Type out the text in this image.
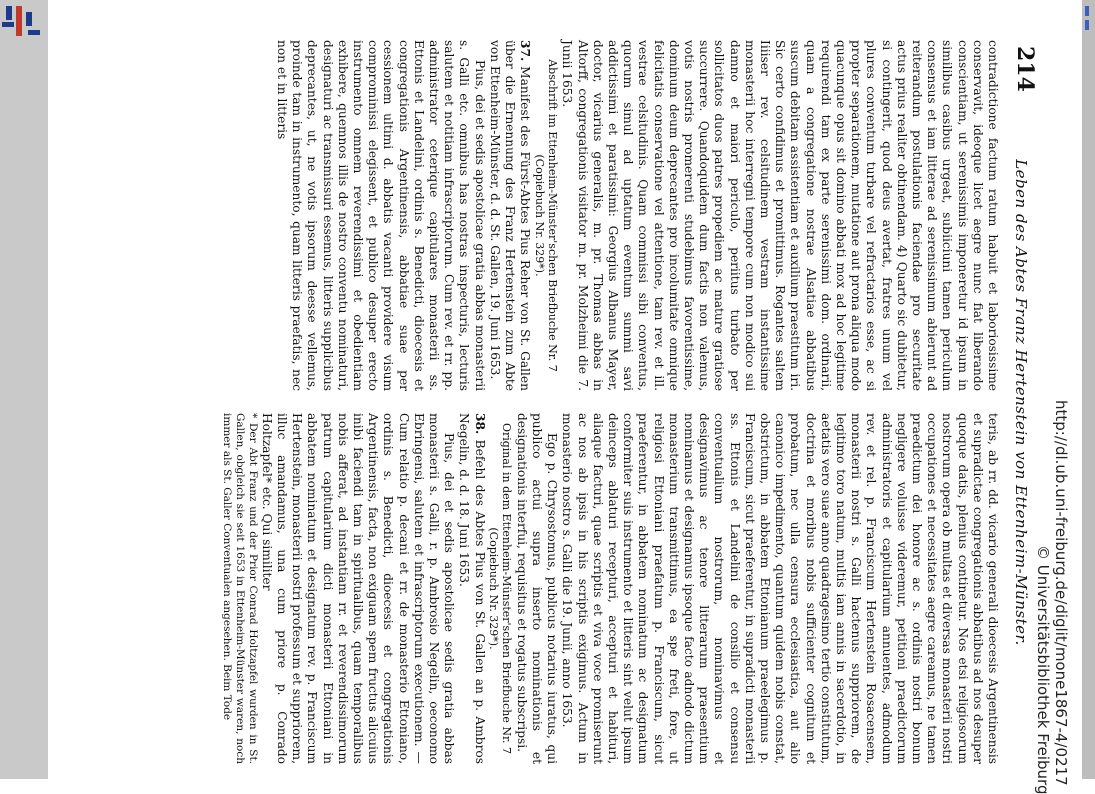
http://dl.ub.uni-freiburg.de/diglit/mone1867-4/0217
© Universitätsbibliothek Freiburg
214
Leben des Abtes Franz Hertenstein von Ettenheim-Münster.

contradictione factum ratum habuit et laboriosissime conservavit, ideoque licet aegre nunc fiat liberando conscientiam, ut serenissimis imponeretur id ipsum in similibus casibus urgeat, subiiciuni tamen periculum consensus et iam litterae ad serenissimum abierunt ad reiterandum postulationis faciendae pro securitate actus prius realiter obtinendam. 4) Quarto sic dubitetur, si contingerit, quod deus avertat, fratres unum vel plures conventum turbare vel refractarios esse, ac si propter separationem, mutatione aut prona aliqua modo quacunque opus sit domino abbati mox ad hoc legitime requirendi tam ex parte serenissimi dom. ordinarii, quam a congregatione nostrae Alsatiae abbatibus suscum debitam assistentiam et auxilium praestitum iri. Sic certo confidimus et promittimus. Rogantes saltem Iiiiser rev. celsitudinem vestram instantissime monasterii hoc interregni tempore cum non modico sui damno et maiori periculo, periitus turbato per sollicitatos duos patres propediem ac mature gratiose succurrere. Quandoquidem dum factis non valemus, votis nostris promerenti studebimus favorentissime, dominum deum deprecantes pro incolumitate omnique felicitatis conservatione vel attentione, tam rev. et ill. vestrae celsitudinis. Quam commissi sibi conventus, quorum simul ad uptatum eventum summi savi addictissimi et paratissimi: Georgius Albanus Mayer, doctor, vicarius generalis, m. pr. Thomas abbas in Altorff, congregationis visitator m. pr. Molzheimi die 7. Junii 1653.

Abschrift im Ettenheim-Münster'schen Briefbuche Nr. 7 (Copiebuch Nr. 329*).

37. Manifest des Fürst-Abtes Pius Reher von St. Gallen über die Ernennung des Franz Hertenstein zum Abte von Ettenheim-Münster, d. d. St. Gallen, 19. Juni 1653.

Pius, dei et sedis apostolicae gratia abbas monasterii s. Galli etc. omnibus has nostras inspecturis, lecturis salutem et notitiam infrascriptorum. Cum rev. et rr. pp. administrator ceterique capitulares monasterii ss. Ettonis et Landelini, ordinis s. Benedicti, dioecesis et congregationis Argentinensis, abbatiae suae per cessionem ultimi d. abbatis vacanti providere visum comprominissi elegissent, et publico desuper erecto instrumento omnem reverendissimi et obedientiam exhibere, quemnos illis de nostro conventu nominaturi, designaturi ac transmissuri essemus, litteris supplicibus deprecantes, ut, ne votis ipsorum deesse vellemus, proinde tam in instrumento, quam litteris praefatis, nec non et in litteris

teris, ab rr. dd. vicario generali dioecesis Argentinensis et supradictae congregationis abbatibus ad nos desuper quoque datis, plenius continetur. Nos etsi religiosorum nostrorum opera ob multas et diversas monasterii nostri occupationes et necessitates aegre careamus, ne tamen praedictum dei honore ac s. ordinis nostri bonum negligere voluisse videremur, petitioni praedictorum administratoris et capitularium annuentes, admodum rev. et rel. p. Franciscum Hertenstein Rosacensem, monasterii nostri s. Galli hactenus suppriorem, de legitimo toro natum, multis iam annis in sacerdotio, in aetatis vero suae anno quadragesimo tertio constitutum, doctrina et moribus nobis sufficienter cognitum et probatum, nec ulla censura ecclesiastica, aut alio canonico impedimento, quantum quidem nobis constat, obstrictum, in abbatem Ettonianum praeelegimus p. Franciscum, sicut praeferentur, in supradicti monasterii ss. Ettonis et Landelini de consilio et consensu conventualium nostrorum, nominavimus et designavimus ac tenore litterarum praesentium nominamus et designamus ipsoque facto adnodo dictum monasterium transmittimus, ea spe freti, fore, ut religiosi Ettoniani praefatum p. Franciscum, sicut praeferentur, in abbatem nominatum ac designatum conformiter suis instrumento et litteris sint velut ipsum deinceps ablaturi recepturi, accepturi et habituri, aliaque facturi, quae scriptis et viva voce promiserunt ac nos ab ipsis in his scriptis exigimus. Actum in monasterio nostro s. Galli die 19. Junii, anno 1653.

Ego p. Chrysostomus, publicus notarius iuratus, qui publico actui supra inserto nominationis et designationis interfui, requisitus et rogatus subscripsi.

Original in dem Ettenheim-Münster'schen Briefbuche Nr. 7 (Copiebuch Nr. 329*).

38. Befehl des Abtes Pius von St. Gallen an p. Ambros Negelin, d. d. 18. Juni 1653.

Pius, dei et sedis apostolicae sedis gratia abbas monasterii s. Galli, r. p. Ambrosio Negelin, oeconomo Ebringensi, salutem et infrascriptorum executionem. — Cum relatio p. decani et rr. de monasterio Ettoniano, ordinis s. Benedicti, dioecesis et congregationis Argentinensis, facta, non exiguam spem fructus alicuius inibi faciendi tam in spiritualibus, quam temporalibus nobis afferat, ad instantiam rr. et reverendissimorum patrum capitularium dicti monasterii Ettoniani in abbatem nominatum et designatum rev. p. Franciscum Hertenstein, monasterii nostri professum et suppriorem, illuc amandamus, una cum priore p. Conrado Holtzapfel* etc. Qui similiter

* Der Abt Franz und der Prior Conrad Holtzapfel wurden in St. Gallen, obgleich sie seit 1653 in Ettenheim-Münster waren, noch immer als St. Galler Conventualen angesehen. Beim Tode
